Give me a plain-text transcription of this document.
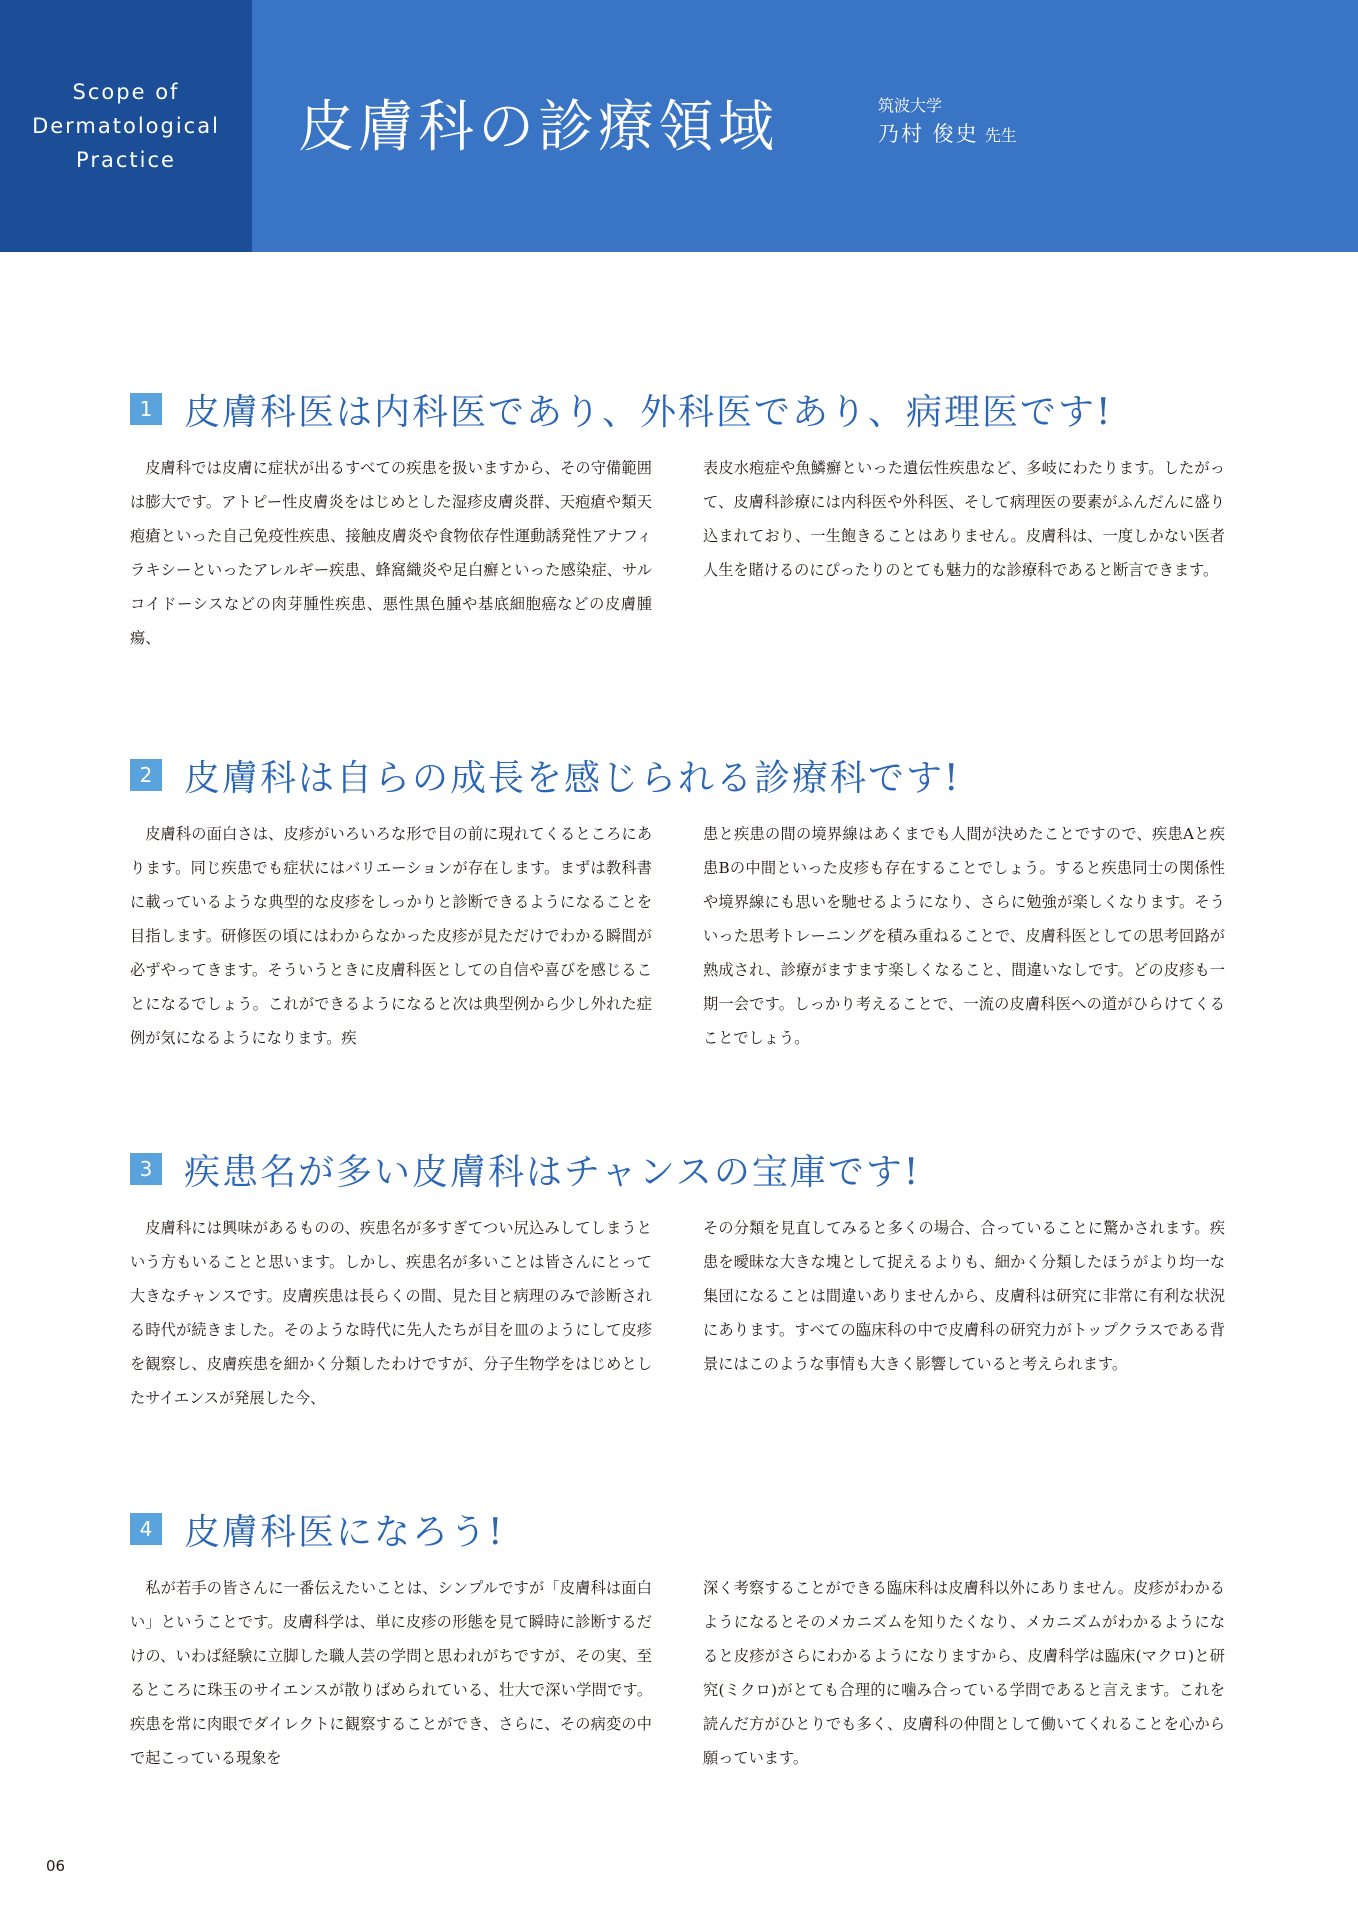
Scope of
Dermatological
Practice	皮膚科の診療領域	筑波大学
乃村 俊史 先生
1 皮膚科医は内科医であり、外科医であり、病理医です!

皮膚科では皮膚に症状が出るすべての疾患を扱いますから、その守備範囲は膨大です。アトピー性皮膚炎をはじめとした湿疹皮膚炎群、天疱瘡や類天疱瘡といった自己免疫性疾患、接触皮膚炎や食物依存性運動誘発性アナフィラキシーといったアレルギー疾患、蜂窩織炎や足白癬といった感染症、サルコイドーシスなどの肉芽腫性疾患、悪性黒色腫や基底細胞癌などの皮膚腫瘍、

表皮水疱症や魚鱗癬といった遺伝性疾患など、多岐にわたります。したがって、皮膚科診療には内科医や外科医、そして病理医の要素がふんだんに盛り込まれており、一生飽きることはありません。皮膚科は、一度しかない医者人生を賭けるのにぴったりのとても魅力的な診療科であると断言できます。

2 皮膚科は自らの成長を感じられる診療科です!

皮膚科の面白さは、皮疹がいろいろな形で目の前に現れてくるところにあります。同じ疾患でも症状にはバリエーションが存在します。まずは教科書に載っているような典型的な皮疹をしっかりと診断できるようになることを目指します。研修医の頃にはわからなかった皮疹が見ただけでわかる瞬間が必ずやってきます。そういうときに皮膚科医としての自信や喜びを感じることになるでしょう。これができるようになると次は典型例から少し外れた症例が気になるようになります。疾

患と疾患の間の境界線はあくまでも人間が決めたことですので、疾患Aと疾患Bの中間といった皮疹も存在することでしょう。すると疾患同士の関係性や境界線にも思いを馳せるようになり、さらに勉強が楽しくなります。そういった思考トレーニングを積み重ねることで、皮膚科医としての思考回路が熟成され、診療がますます楽しくなること、間違いなしです。どの皮疹も一期一会です。しっかり考えることで、一流の皮膚科医への道がひらけてくることでしょう。

3 疾患名が多い皮膚科はチャンスの宝庫です!

皮膚科には興味があるものの、疾患名が多すぎてつい尻込みしてしまうという方もいることと思います。しかし、疾患名が多いことは皆さんにとって大きなチャンスです。皮膚疾患は長らくの間、見た目と病理のみで診断される時代が続きました。そのような時代に先人たちが目を皿のようにして皮疹を観察し、皮膚疾患を細かく分類したわけですが、分子生物学をはじめとしたサイエンスが発展した今、

その分類を見直してみると多くの場合、合っていることに驚かされます。疾患を曖昧な大きな塊として捉えるよりも、細かく分類したほうがより均一な集団になることは間違いありませんから、皮膚科は研究に非常に有利な状況にあります。すべての臨床科の中で皮膚科の研究力がトップクラスである背景にはこのような事情も大きく影響していると考えられます。

4 皮膚科医になろう!

私が若手の皆さんに一番伝えたいことは、シンプルですが「皮膚科は面白い」ということです。皮膚科学は、単に皮疹の形態を見て瞬時に診断するだけの、いわば経験に立脚した職人芸の学問と思われがちですが、その実、至るところに珠玉のサイエンスが散りばめられている、壮大で深い学問です。疾患を常に肉眼でダイレクトに観察することができ、さらに、その病変の中で起こっている現象を

深く考察することができる臨床科は皮膚科以外にありません。皮疹がわかるようになるとそのメカニズムを知りたくなり、メカニズムがわかるようになると皮疹がさらにわかるようになりますから、皮膚科学は臨床(マクロ)と研究(ミクロ)がとても合理的に噛み合っている学問であると言えます。これを読んだ方がひとりでも多く、皮膚科の仲間として働いてくれることを心から願っています。

06
